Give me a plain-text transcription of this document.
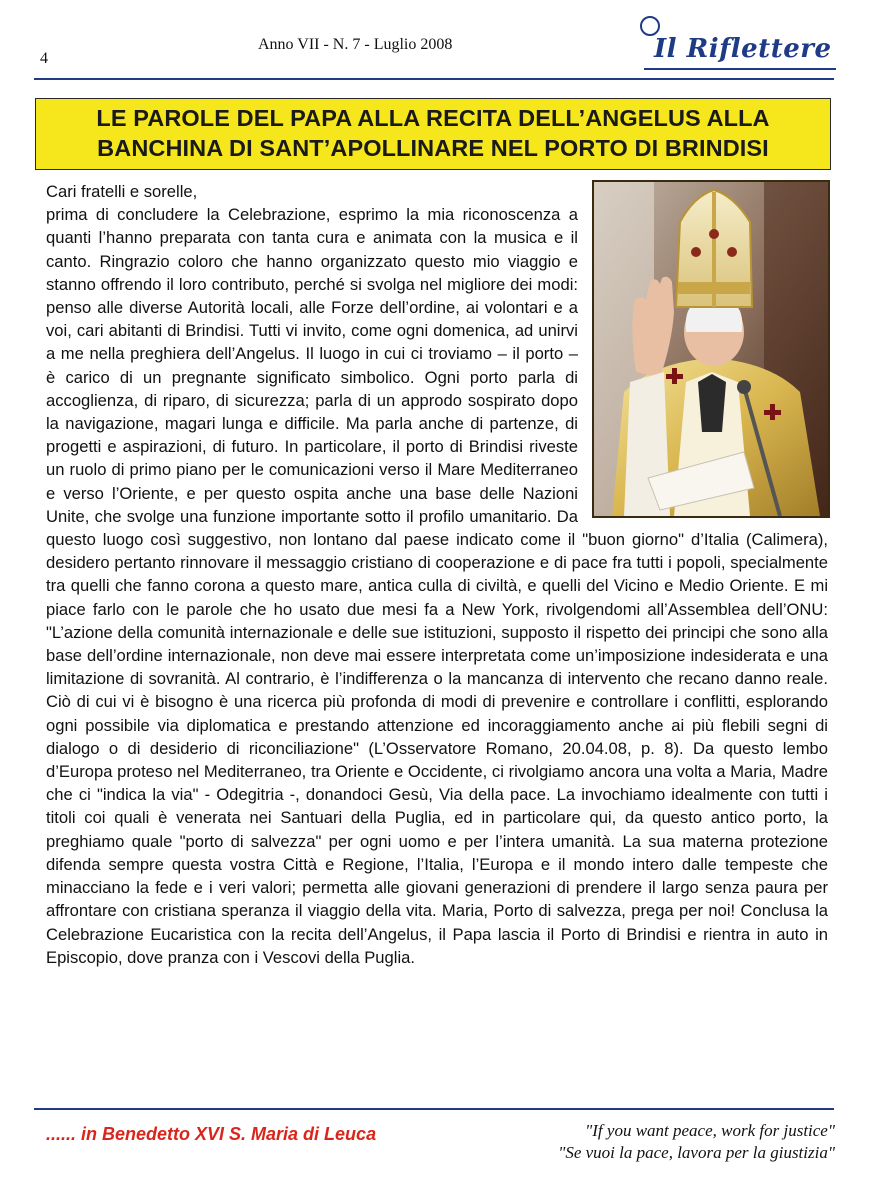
4
Anno VII - N. 7 - Luglio 2008	Il Riflettere
LE PAROLE DEL PAPA ALLA RECITA DELL’ANGELUS ALLA
BANCHINA DI SANT’APOLLINARE NEL PORTO DI BRINDISI

Cari fratelli e sorelle,

prima di concludere la Celebrazione, esprimo la mia riconoscenza a quanti l’hanno preparata con tanta cura e animata con la musica e il canto. Ringrazio coloro che hanno organizzato questo mio viaggio e stanno offrendo il loro contributo, perché si svolga nel migliore dei modi: penso alle diverse Autorità locali, alle Forze dell’ordine, ai volontari e a voi, cari abitanti di Brindisi. Tutti vi invito, come ogni domenica, ad unirvi a me nella preghiera dell’Angelus. Il luogo in cui ci troviamo – il porto – è carico di un pregnante significato simbolico. Ogni porto parla di accoglienza, di riparo, di sicurezza; parla di un approdo sospirato dopo la navigazione, magari lunga e difficile. Ma parla anche di partenze, di progetti e aspirazioni, di futuro. In particolare, il porto di Brindisi riveste un ruolo di primo piano per le comunicazioni verso il Mare Mediterraneo e verso l’Oriente, e per questo ospita anche una base delle Nazioni Unite, che svolge una funzione importante sotto il profilo umanitario. Da questo luogo così suggestivo, non lontano dal paese indicato come il "buon giorno" d’Italia (Calimera), desidero pertanto rinnovare il messaggio cristiano di cooperazione e di pace fra tutti i popoli, specialmente tra quelli che fanno corona a questo mare, antica culla di civiltà, e quelli del Vicino e Medio Oriente. E mi piace farlo con le parole che ho usato due mesi fa a New York, rivolgendomi all’Assemblea dell’ONU: "L’azione della comunità internazionale e delle sue istituzioni, supposto il rispetto dei principi che sono alla base dell’ordine internazionale, non deve mai essere interpretata come un’imposizione indesiderata e una limitazione di sovranità. Al contrario, è l’indifferenza o la mancanza di intervento che recano danno reale. Ciò di cui vi è bisogno è una ricerca più profonda di modi di prevenire e controllare i conflitti, esplorando ogni possibile via diplomatica e prestando attenzione ed incoraggiamento anche ai più flebili segni di dialogo o di desiderio di riconciliazione" (L’Osservatore Romano, 20.04.08, p. 8). Da questo lembo d’Europa proteso nel Mediterraneo, tra Oriente e Occidente, ci rivolgiamo ancora una volta a Maria, Madre che ci "indica la via" - Odegitria -, donandoci Gesù, Via della pace. La invochiamo idealmente con tutti i titoli coi quali è venerata nei Santuari della Puglia, ed in particolare qui, da questo antico porto, la preghiamo quale "porto di salvezza" per ogni uomo e per l’intera umanità. La sua materna protezione difenda sempre questa vostra Città e Regione, l’Italia, l’Europa e il mondo intero dalle tempeste che minacciano la fede e i veri valori; permetta alle giovani generazioni di prendere il largo senza paura per affrontare con cristiana speranza il viaggio della vita. Maria, Porto di salvezza, prega per noi! Conclusa la Celebrazione Eucaristica con la recita dell’Angelus, il Papa lascia il Porto di Brindisi e rientra in auto in Episcopio, dove pranza con i Vescovi della Puglia.

...... in Benedetto XVI S. Maria di Leuca	"If you want peace, work for justice"
"Se vuoi la pace, lavora per la giustizia"
